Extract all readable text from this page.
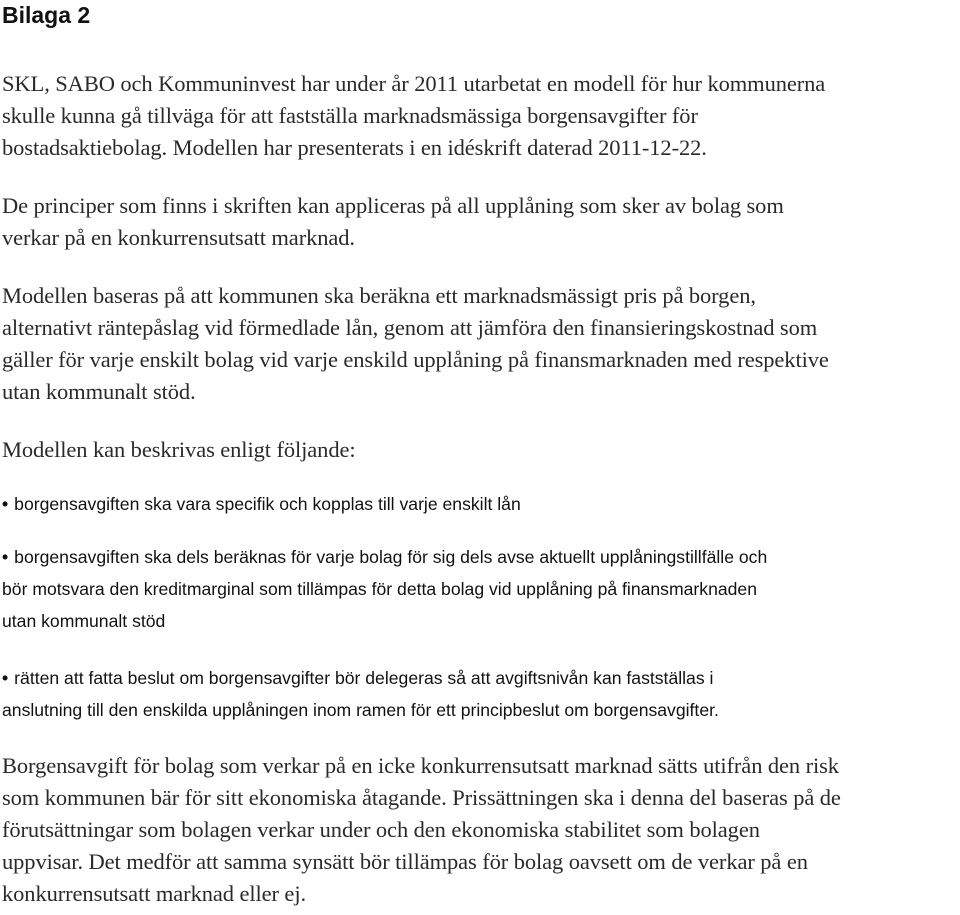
Bilaga 2
SKL, SABO och Kommuninvest har under år 2011 utarbetat en modell för hur kommunerna
skulle kunna gå tillväga för att fastställa marknadsmässiga borgensavgifter för
bostadsaktiebolag. Modellen har presenterats i en idéskrift daterad 2011-12-22.
De principer som finns i skriften kan appliceras på all upplåning som sker av bolag som
verkar på en konkurrensutsatt marknad.
Modellen baseras på att kommunen ska beräkna ett marknadsmässigt pris på borgen,
alternativt räntepåslag vid förmedlade lån, genom att jämföra den finansieringskostnad som
gäller för varje enskilt bolag vid varje enskild upplåning på finansmarknaden med respektive
utan kommunalt stöd.
Modellen kan beskrivas enligt följande:
• borgensavgiften ska vara specifik och kopplas till varje enskilt lån
• borgensavgiften ska dels beräknas för varje bolag för sig dels avse aktuellt upplåningstillfälle och
bör motsvara den kreditmarginal som tillämpas för detta bolag vid upplåning på finansmarknaden
utan kommunalt stöd
• rätten att fatta beslut om borgensavgifter bör delegeras så att avgiftsnivån kan fastställas i
anslutning till den enskilda upplåningen inom ramen för ett principbeslut om borgensavgifter.
Borgensavgift för bolag som verkar på en icke konkurrensutsatt marknad sätts utifrån den risk
som kommunen bär för sitt ekonomiska åtagande. Prissättningen ska i denna del baseras på de
förutsättningar som bolagen verkar under och den ekonomiska stabilitet som bolagen
uppvisar. Det medför att samma synsätt bör tillämpas för bolag oavsett om de verkar på en
konkurrensutsatt marknad eller ej.
